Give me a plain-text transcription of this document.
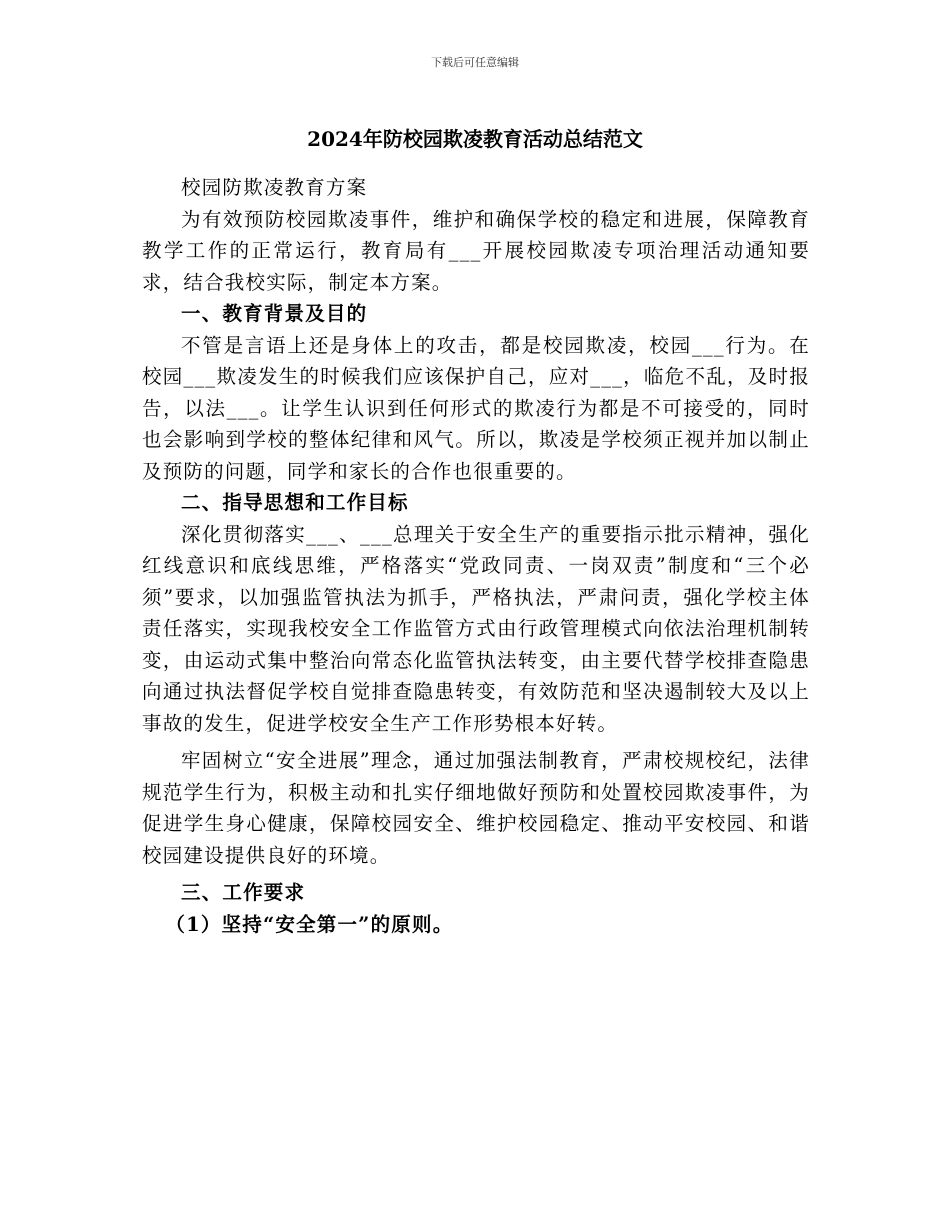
下载后可任意编辑
2024年防校园欺凌教育活动总结范文

校园防欺凌教育方案

为有效预防校园欺凌事件，维护和确保学校的稳定和进展，保障教育教学工作的正常运行，教育局有___开展校园欺凌专项治理活动通知要求，结合我校实际，制定本方案。

一、教育背景及目的

不管是言语上还是身体上的攻击，都是校园欺凌，校园___行为。在校园___欺凌发生的时候我们应该保护自己，应对___，临危不乱，及时报告，以法___。让学生认识到任何形式的欺凌行为都是不可接受的，同时也会影响到学校的整体纪律和风气。所以，欺凌是学校须正视并加以制止及预防的问题，同学和家长的合作也很重要的。

二、指导思想和工作目标

深化贯彻落实___、___总理关于安全生产的重要指示批示精神，强化红线意识和底线思维，严格落实“党政同责、一岗双责”制度和“三个必须”要求，以加强监管执法为抓手，严格执法，严肃问责，强化学校主体责任落实，实现我校安全工作监管方式由行政管理模式向依法治理机制转变，由运动式集中整治向常态化监管执法转变，由主要代替学校排查隐患向通过执法督促学校自觉排查隐患转变，有效防范和坚决遏制较大及以上事故的发生，促进学校安全生产工作形势根本好转。

牢固树立“安全进展”理念，通过加强法制教育，严肃校规校纪，法律规范学生行为，积极主动和扎实仔细地做好预防和处置校园欺凌事件，为促进学生身心健康，保障校园安全、维护校园稳定、推动平安校园、和谐校园建设提供良好的环境。

三、工作要求

（1）坚持“安全第一”的原则。
